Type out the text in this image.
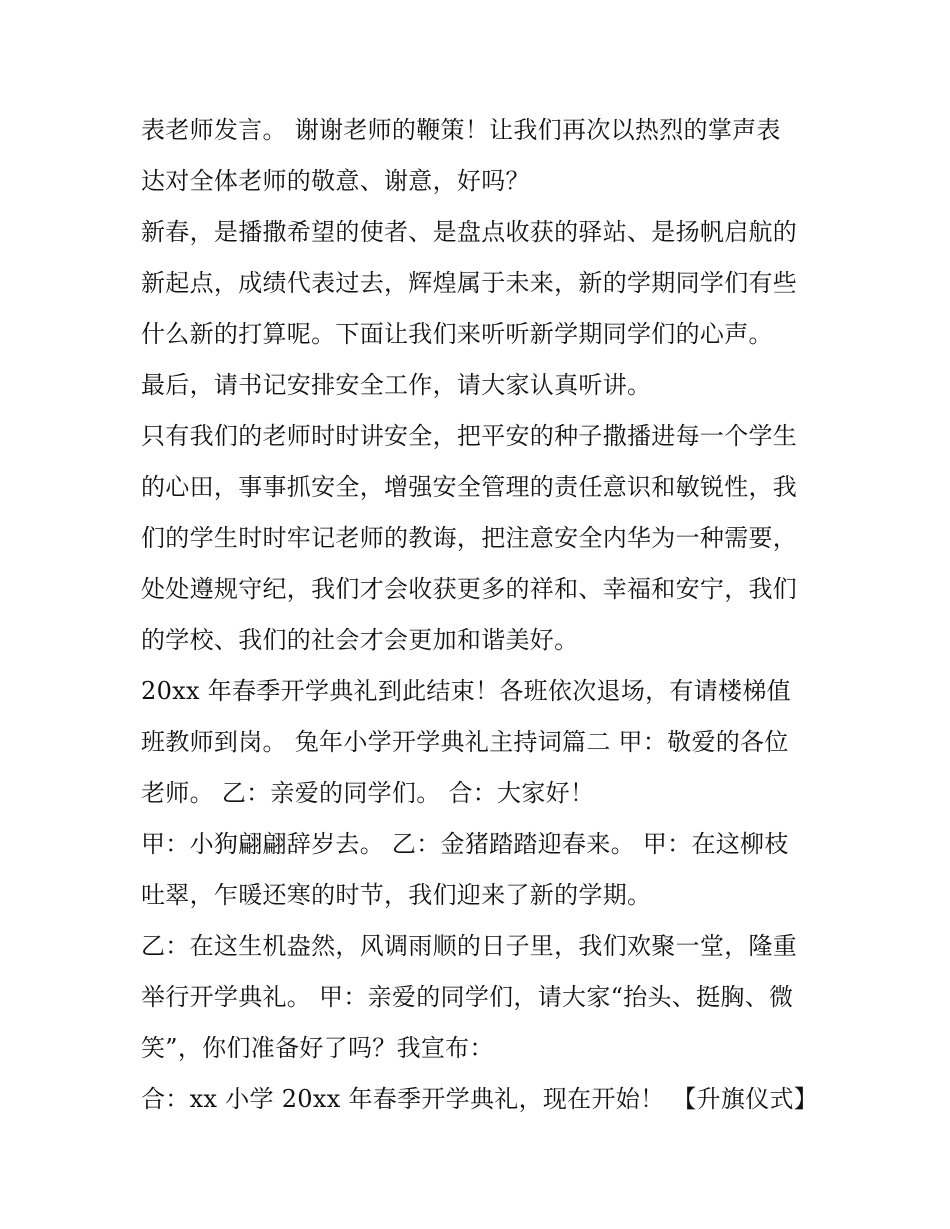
表老师发言。 谢谢老师的鞭策！让我们再次以热烈的掌声表
达对全体老师的敬意、谢意，好吗？
新春，是播撒希望的使者、是盘点收获的驿站、是扬帆启航的
新起点，成绩代表过去，辉煌属于未来，新的学期同学们有些
什么新的打算呢。下面让我们来听听新学期同学们的心声。
最后，请书记安排安全工作，请大家认真听讲。
只有我们的老师时时讲安全，把平安的种子撒播进每一个学生
的心田，事事抓安全，增强安全管理的责任意识和敏锐性，我
们的学生时时牢记老师的教诲，把注意安全内华为一种需要，
处处遵规守纪，我们才会收获更多的祥和、幸福和安宁，我们
的学校、我们的社会才会更加和谐美好。
20xx 年春季开学典礼到此结束！各班依次退场，有请楼梯值
班教师到岗。 兔年小学开学典礼主持词篇二 甲：敬爱的各位
老师。 乙：亲爱的同学们。 合：大家好！
甲：小狗翩翩辞岁去。 乙：金猪踏踏迎春来。 甲：在这柳枝
吐翠，乍暖还寒的时节，我们迎来了新的学期。
乙：在这生机盎然，风调雨顺的日子里，我们欢聚一堂，隆重
举行开学典礼。 甲：亲爱的同学们，请大家“抬头、挺胸、微
笑”，你们准备好了吗？我宣布：
合：xx 小学 20xx 年春季开学典礼，现在开始！ 【升旗仪式】
